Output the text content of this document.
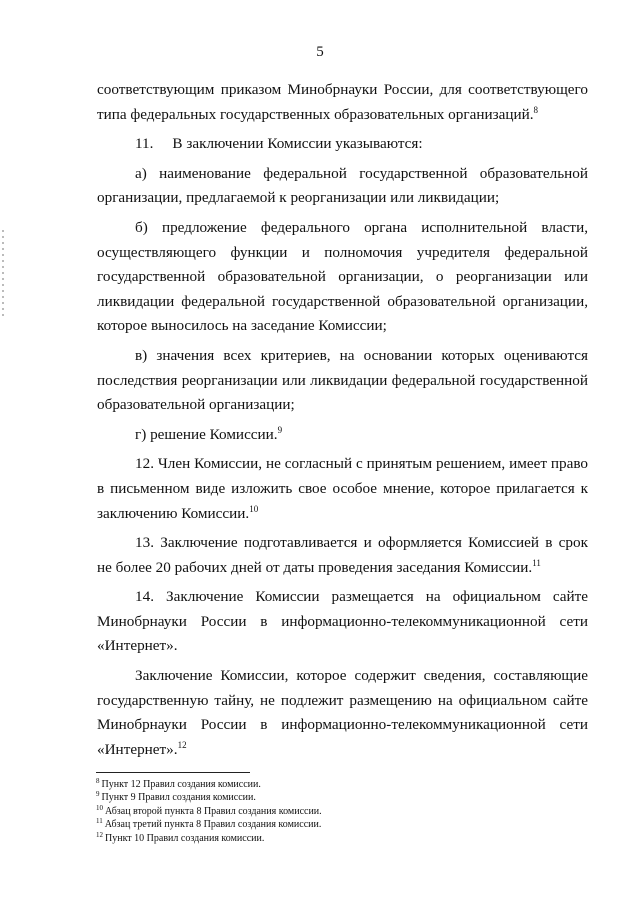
5

соответствующим приказом Минобрнауки России, для соответствующего типа федеральных государственных образовательных организаций.$^8$

11.     В заключении Комиссии указываются:

а) наименование федеральной государственной образовательной организации, предлагаемой к реорганизации или ликвидации;

б) предложение федерального органа исполнительной власти, осуществляющего функции и полномочия учредителя федеральной государственной образовательной организации, о реорганизации или ликвидации федеральной государственной образовательной организации, которое выносилось на заседание Комиссии;

в) значения всех критериев, на основании которых оцениваются последствия реорганизации или ликвидации федеральной государственной образовательной организации;

г) решение Комиссии.$^9$

12. Член Комиссии, не согласный с принятым решением, имеет право в письменном виде изложить свое особое мнение, которое прилагается к заключению Комиссии.$^{10}$

13. Заключение подготавливается и оформляется Комиссией в срок не более 20 рабочих дней от даты проведения заседания Комиссии.$^{11}$

14. Заключение Комиссии размещается на официальном сайте Минобрнауки России в информационно-телекоммуникационной сети «Интернет».

Заключение Комиссии, которое содержит сведения, составляющие государственную тайну, не подлежит размещению на официальном сайте Минобрнауки России в информационно-телекоммуникационной сети «Интернет».$^{12}$

$^8$ Пункт 12 Правил создания комиссии.

$^9$ Пункт 9 Правил создания комиссии.

$^{10}$ Абзац второй пункта 8 Правил создания комиссии.

$^{11}$ Абзац третий пункта 8 Правил создания комиссии.

$^{12}$ Пункт 10 Правил создания комиссии.
